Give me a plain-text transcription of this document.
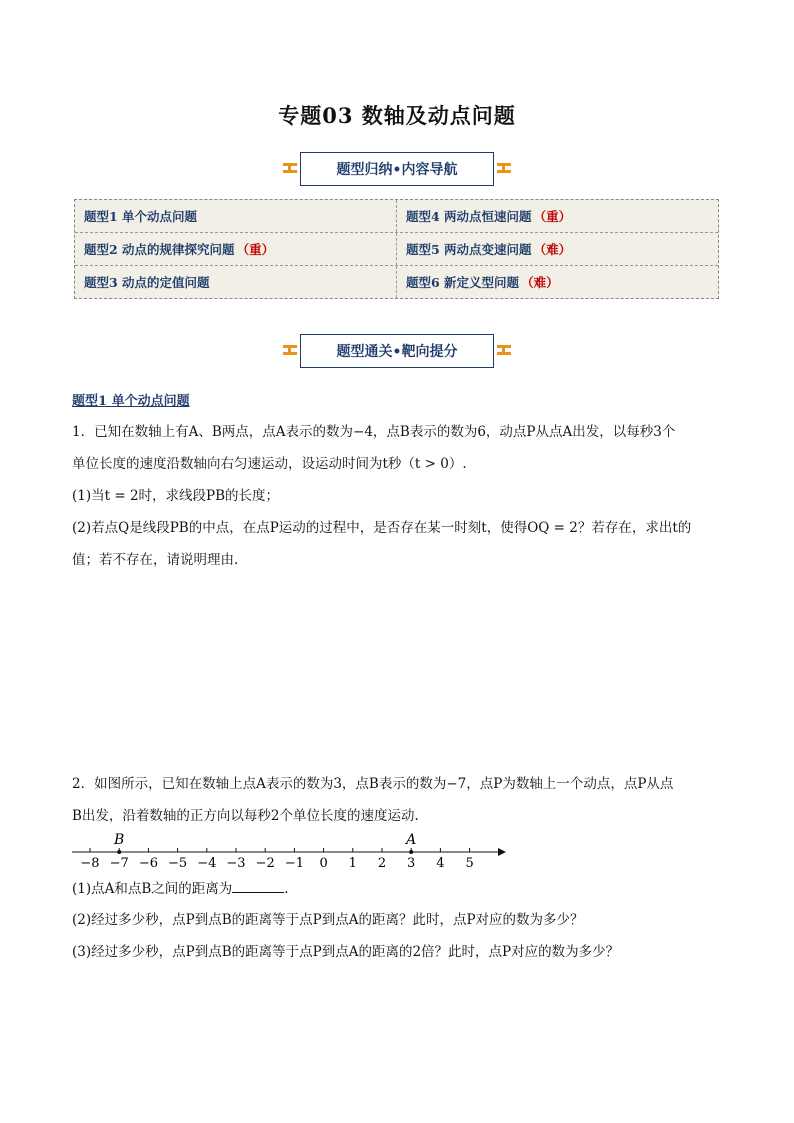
专题03 数轴及动点问题
题型归纳•内容导航
题型1 单个动点问题	题型4 两动点恒速问题 （重）
题型2 动点的规律探究问题 （重）	题型5 两动点变速问题 （难）
题型3 动点的定值问题	题型6 新定义型问题 （难）
题型通关•靶向提分
题型1 单个动点问题
1．已知在数轴上有A、B两点，点A表示的数为−4，点B表示的数为6，动点P从点A出发，以每秒3个
单位长度的速度沿数轴向右匀速运动，设运动时间为t秒（t > 0）.
(1)当t = 2时，求线段PB的长度；
(2)若点Q是线段PB的中点，在点P运动的过程中，是否存在某一时刻t，使得OQ = 2？若存在，求出t的
值；若不存在，请说明理由.
2．如图所示，已知在数轴上点A表示的数为3，点B表示的数为−7，点P为数轴上一个动点，点P从点
B出发，沿着数轴的正方向以每秒2个单位长度的速度运动.
−8 −7 −6 −5 −4 −3 −2 −1 0 1 2 3 4 5
B	A
(1)点A和点B之间的距离为	.
(2)经过多少秒，点P到点B的距离等于点P到点A的距离？此时，点P对应的数为多少？
(3)经过多少秒，点P到点B的距离等于点P到点A的距离的2倍？此时，点P对应的数为多少？
